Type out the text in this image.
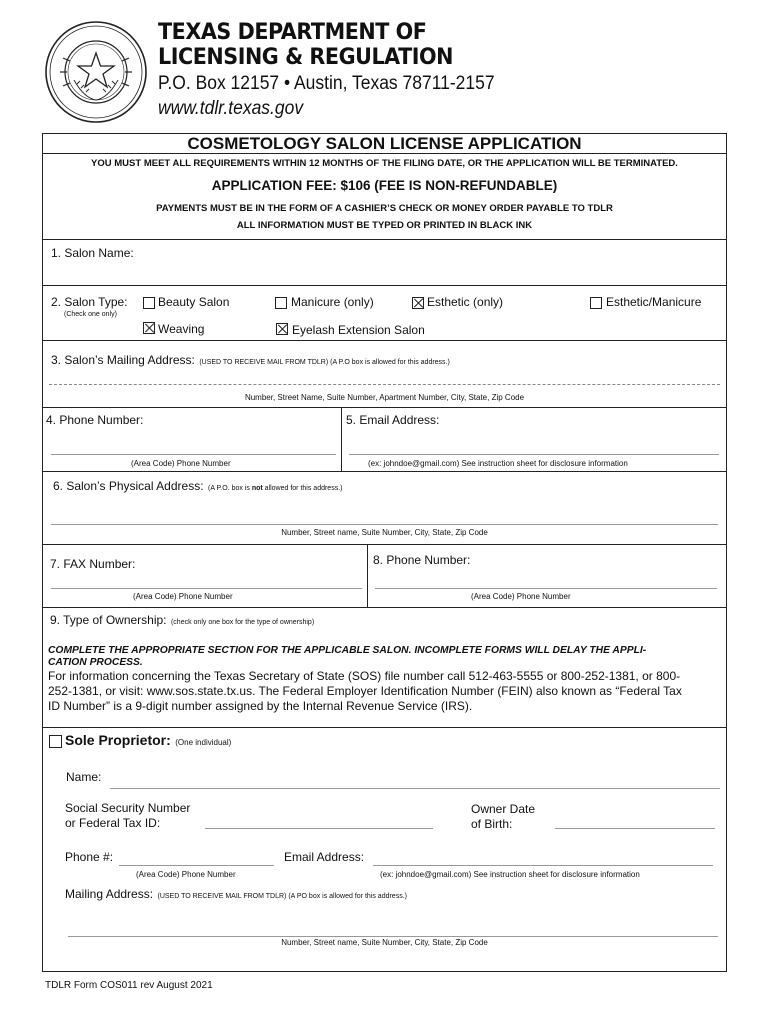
TEXAS DEPARTMENT OF
LICENSING & REGULATION
P.O. Box 12157 • Austin, Texas 78711-2157
www.tdlr.texas.gov
COSMETOLOGY SALON LICENSE APPLICATION
YOU MUST MEET ALL REQUIREMENTS WITHIN 12 MONTHS OF THE FILING DATE, OR THE APPLICATION WILL BE TERMINATED.
APPLICATION FEE: $106 (FEE IS NON-REFUNDABLE)
PAYMENTS MUST BE IN THE FORM OF A CASHIER’S CHECK OR MONEY ORDER PAYABLE TO TDLR
ALL INFORMATION MUST BE TYPED OR PRINTED IN BLACK INK
1. Salon Name:
2. Salon Type:
(Check one only)
Beauty Salon	Manicure (only)	Esthetic (only)	Esthetic/Manicure
Weaving	Eyelash Extension Salon
3. Salon’s Mailing Address: (USED TO RECEIVE MAIL FROM TDLR) (A P.O box is allowed for this address.)
Number, Street Name, Suite Number, Apartment Number, City, State, Zip Code
4. Phone Number:
(Area Code) Phone Number
5. Email Address:
(ex: johndoe@gmail.com) See instruction sheet for disclosure information
6. Salon’s Physical Address: (A P.O. box is not allowed for this address.)
Number, Street name, Suite Number, City, State, Zip Code
7. FAX Number:
(Area Code) Phone Number
8. Phone Number:
(Area Code) Phone Number
9. Type of Ownership: (check only one box for the type of ownership)
COMPLETE THE APPROPRIATE SECTION FOR THE APPLICABLE SALON. INCOMPLETE FORMS WILL DELAY THE APPLI-
CATION PROCESS.
For information concerning the Texas Secretary of State (SOS) file number call 512-463-5555 or 800-252-1381, or 800-
252-1381, or visit: www.sos.state.tx.us. The Federal Employer Identification Number (FEIN) also known as “Federal Tax
ID Number” is a 9-digit number assigned by the Internal Revenue Service (IRS).
Sole Proprietor: (One individual)
Name:
Social Security Number
or Federal Tax ID:
Owner Date
of Birth:
Phone #:
(Area Code) Phone Number
Email Address:
(ex: johndoe@gmail.com) See instruction sheet for disclosure information
Mailing Address: (USED TO RECEIVE MAIL FROM TDLR) (A PO box is allowed for this address.)
Number, Street name, Suite Number, City, State, Zip Code
TDLR Form COS011 rev August 2021
